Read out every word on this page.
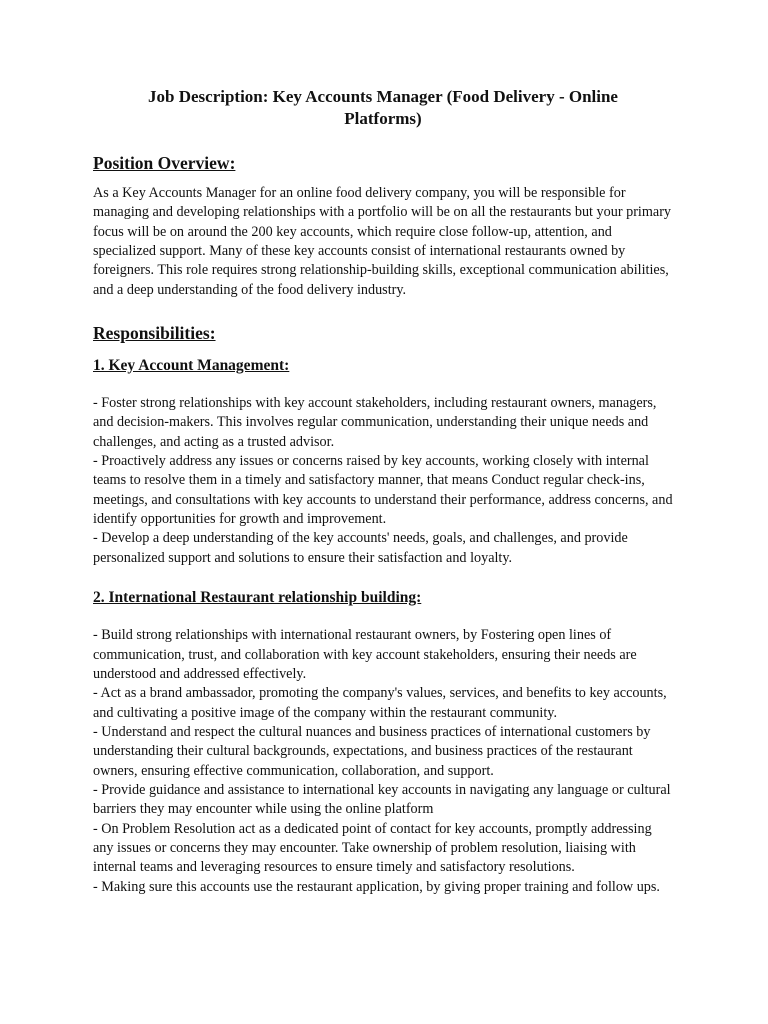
Job Description: Key Accounts Manager (Food Delivery - Online Platforms)
Position Overview:

As a Key Accounts Manager for an online food delivery company, you will be responsible for managing and developing relationships with a portfolio will be on all the restaurants but your primary focus will be on around the 200 key accounts, which require close follow-up, attention, and specialized support. Many of these key accounts consist of international restaurants owned by foreigners. This role requires strong relationship-building skills, exceptional communication abilities, and a deep understanding of the food delivery industry.

Responsibilities:
1. Key Account Management:
- Foster strong relationships with key account stakeholders, including restaurant owners, managers, and decision-makers. This involves regular communication, understanding their unique needs and challenges, and acting as a trusted advisor.
- Proactively address any issues or concerns raised by key accounts, working closely with internal teams to resolve them in a timely and satisfactory manner, that means Conduct regular check-ins, meetings, and consultations with key accounts to understand their performance, address concerns, and identify opportunities for growth and improvement.
- Develop a deep understanding of the key accounts' needs, goals, and challenges, and provide personalized support and solutions to ensure their satisfaction and loyalty.
2. International Restaurant relationship building:
- Build strong relationships with international restaurant owners, by Fostering open lines of communication, trust, and collaboration with key account stakeholders, ensuring their needs are understood and addressed effectively.
- Act as a brand ambassador, promoting the company's values, services, and benefits to key accounts, and cultivating a positive image of the company within the restaurant community.
- Understand and respect the cultural nuances and business practices of international customers by understanding their cultural backgrounds, expectations, and business practices of the restaurant owners, ensuring effective communication, collaboration, and support.
- Provide guidance and assistance to international key accounts in navigating any language or cultural barriers they may encounter while using the online platform
- On Problem Resolution act as a dedicated point of contact for key accounts, promptly addressing any issues or concerns they may encounter. Take ownership of problem resolution, liaising with internal teams and leveraging resources to ensure timely and satisfactory resolutions.
- Making sure this accounts use the restaurant application, by giving proper training and follow ups.
